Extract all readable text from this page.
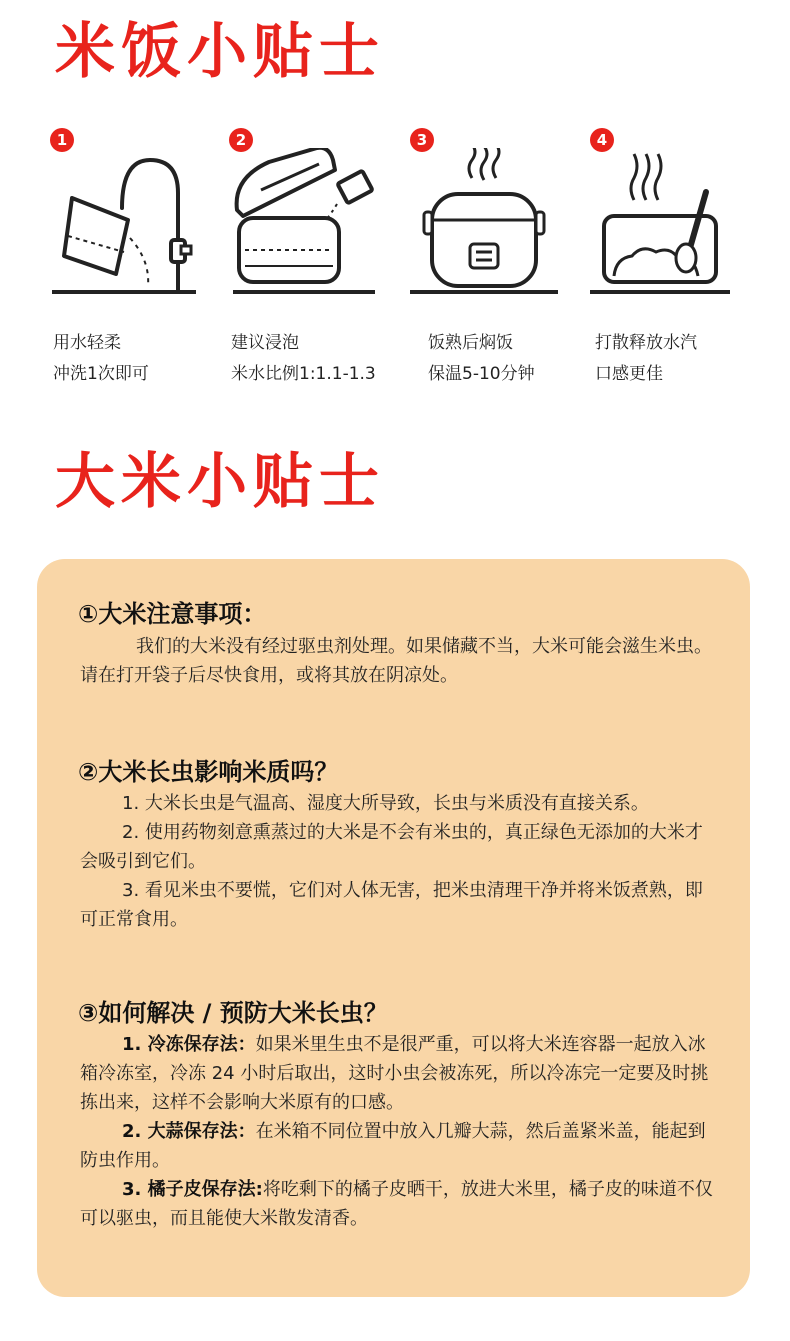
米饭小贴士
1
用水轻柔
冲洗1次即可
2
建议浸泡
米水比例1:1.1-1.3
3
饭熟后焖饭
保温5-10分钟
4
打散释放水汽
口感更佳
大米小贴士
①大米注意事项：

我们的大米没有经过驱虫剂处理。如果储藏不当，大米可能会滋生米虫。请在打开袋子后尽快食用，或将其放在阴凉处。

②大米长虫影响米质吗？

1. 大米长虫是气温高、湿度大所导致，长虫与米质没有直接关系。

2. 使用药物刻意熏蒸过的大米是不会有米虫的，真正绿色无添加的大米才会吸引到它们。

3. 看见米虫不要慌，它们对人体无害，把米虫清理干净并将米饭煮熟，即可正常食用。

③如何解决 / 预防大米长虫？

1. 冷冻保存法：如果米里生虫不是很严重，可以将大米连容器一起放入冰箱冷冻室，冷冻 24 小时后取出，这时小虫会被冻死，所以冷冻完一定要及时挑拣出来，这样不会影响大米原有的口感。

2. 大蒜保存法：在米箱不同位置中放入几瓣大蒜，然后盖紧米盖，能起到防虫作用。

3. 橘子皮保存法:将吃剩下的橘子皮晒干，放进大米里，橘子皮的味道不仅可以驱虫，而且能使大米散发清香。
